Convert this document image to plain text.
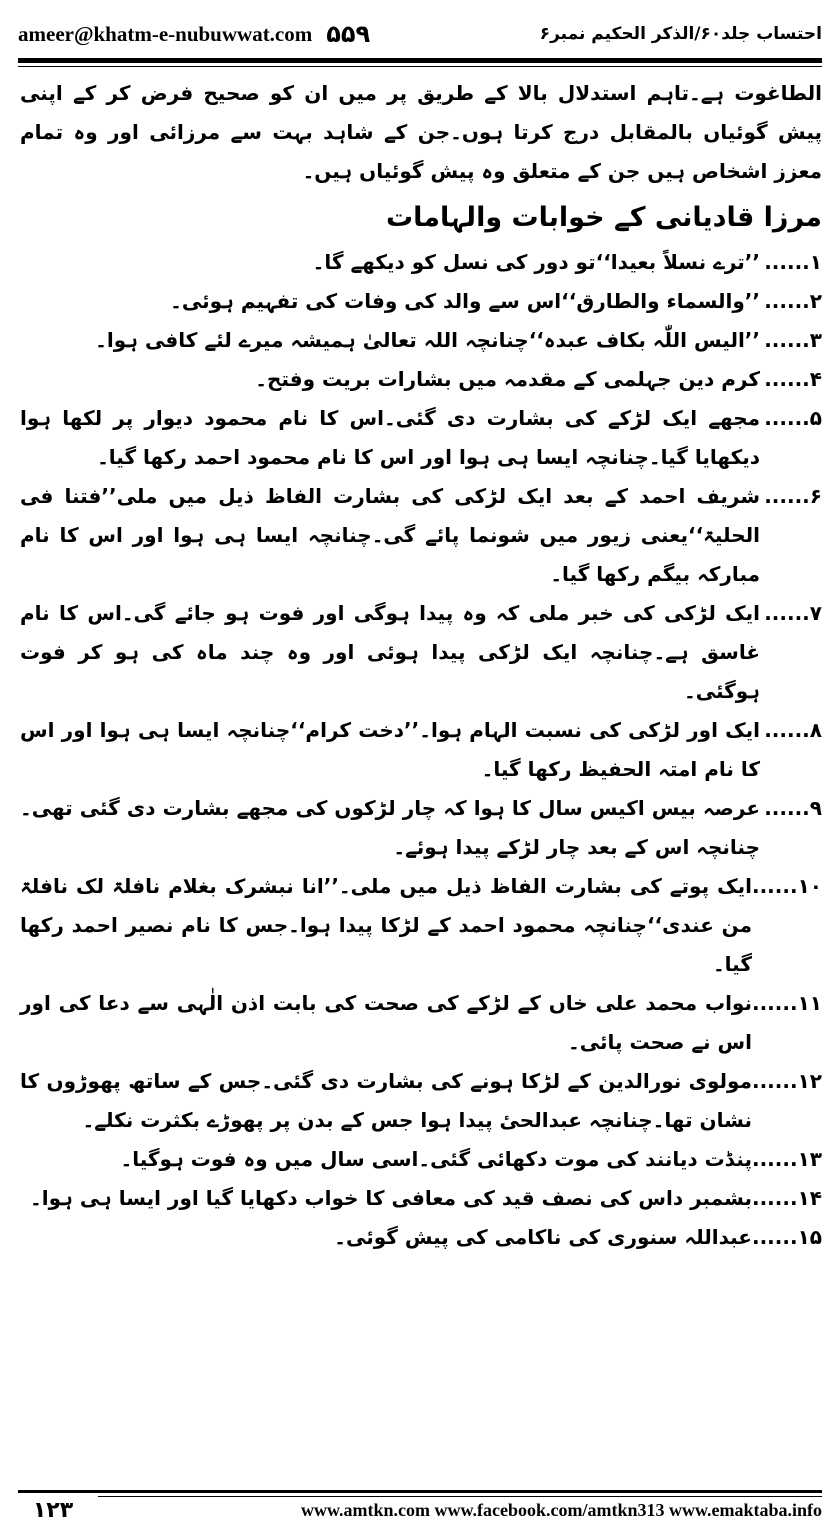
ameer@khatm-e-nubuwwat.com ۵۵۹	احتساب جلد۶۰/الذکر الحکیم نمبر۶

الطاغوت ہے۔تاہم استدلال بالا کے طریق پر میں ان کو صحیح فرض کر کے اپنی پیش گوئیاں بالمقابل درج کرتا ہوں۔جن کے شاہد بہت سے مرزائی اور وہ تمام معزز اشخاص ہیں جن کے متعلق وہ پیش گوئیاں ہیں۔

مرزا قادیانی کے خوابات والہامات
۱......
’’ترے نسلاً بعیدا‘‘تو دور کی نسل کو دیکھے گا۔
۲......
’’والسماء والطارق‘‘اس سے والد کی وفات کی تفہیم ہوئی۔
۳......
’’الیس اللّٰہ بکاف عبدہ‘‘چنانچہ اللہ تعالیٰ ہمیشہ میرے لئے کافی ہوا۔
۴......
کرم دین جہلمی کے مقدمہ میں بشارات بریت وفتح۔
۵......
مجھے ایک لڑکے کی بشارت دی گئی۔اس کا نام محمود دیوار پر لکھا ہوا دیکھایا گیا۔چنانچہ ایسا ہی ہوا اور اس کا نام محمود احمد رکھا گیا۔
۶......
شریف احمد کے بعد ایک لڑکی کی بشارت الفاظ ذیل میں ملی’’فتنا فی الحلیۃ‘‘یعنی زیور میں شونما پائے گی۔چنانچہ ایسا ہی ہوا اور اس کا نام مبارکہ بیگم رکھا گیا۔
۷......
ایک لڑکی کی خبر ملی کہ وہ پیدا ہوگی اور فوت ہو جائے گی۔اس کا نام غاسق ہے۔چنانچہ ایک لڑکی پیدا ہوئی اور وہ چند ماہ کی ہو کر فوت ہوگئی۔
۸......
ایک اور لڑکی کی نسبت الہام ہوا۔’’دخت کرام‘‘چنانچہ ایسا ہی ہوا اور اس کا نام امتہ الحفیظ رکھا گیا۔
۹......
عرصہ بیس اکیس سال کا ہوا کہ چار لڑکوں کی مجھے بشارت دی گئی تھی۔چنانچہ اس کے بعد چار لڑکے پیدا ہوئے۔
۱۰......
ایک پوتے کی بشارت الفاظ ذیل میں ملی۔’’انا نبشرک بغلام نافلۃ لک نافلۃ من عندی‘‘چنانچہ محمود احمد کے لڑکا پیدا ہوا۔جس کا نام نصیر احمد رکھا گیا۔
۱۱......
نواب محمد علی خاں کے لڑکے کی صحت کی بابت اذن الٰہی سے دعا کی اور اس نے صحت پائی۔
۱۲......
مولوی نورالدین کے لڑکا ہونے کی بشارت دی گئی۔جس کے ساتھ پھوڑوں کا نشان تھا۔چنانچہ عبدالحیٔ پیدا ہوا جس کے بدن پر پھوڑے بکثرت نکلے۔
۱۳......
پنڈت دیانند کی موت دکھائی گئی۔اسی سال میں وہ فوت ہوگیا۔
۱۴......
بشمبر داس کی نصف قید کی معافی کا خواب دکھایا گیا اور ایسا ہی ہوا۔
۱۵......
عبداللہ سنوری کی ناکامی کی پیش گوئی۔
۱۲۳	www.amtkn.com www.facebook.com/amtkn313 www.emaktaba.info
